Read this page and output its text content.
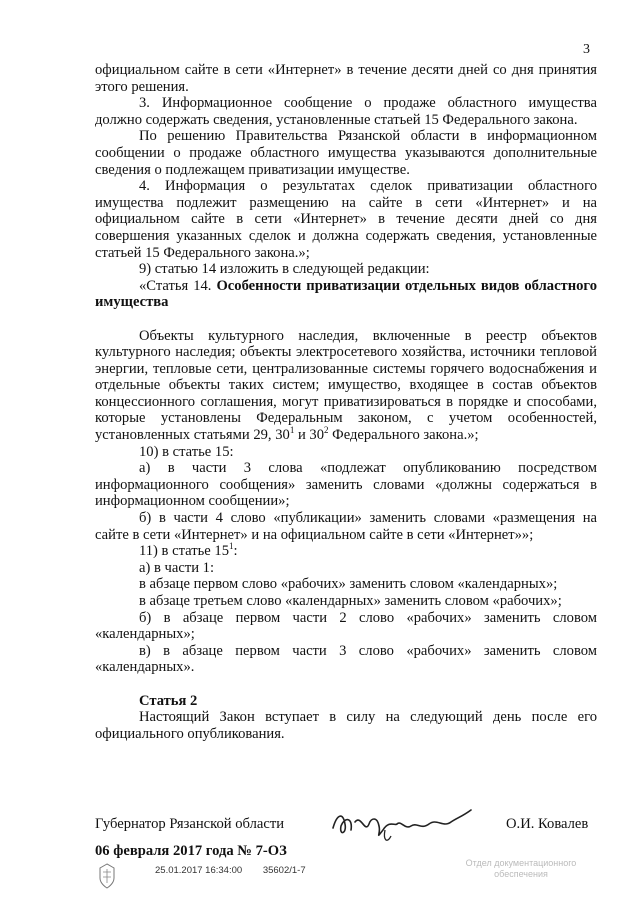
3

официальном сайте в сети «Интернет» в течение десяти дней со дня принятия этого решения.

3. Информационное сообщение о продаже областного имущества должно содержать сведения, установленные статьей 15 Федерального закона.

По решению Правительства Рязанской области в информационном сообщении о продаже областного имущества указываются дополнительные сведения о подлежащем приватизации имуществе.

4. Информация о результатах сделок приватизации областного имущества подлежит размещению на сайте в сети «Интернет» и на официальном сайте в сети «Интернет» в течение десяти дней со дня совершения указанных сделок и должна содержать сведения, установленные статьей 15 Федерального закона.»;

9) статью 14 изложить в следующей редакции:

«Статья 14. Особенности приватизации отдельных видов областного имущества

Объекты культурного наследия, включенные в реестр объектов культурного наследия; объекты электросетевого хозяйства, источники тепловой энергии, тепловые сети, централизованные системы горячего водоснабжения и отдельные объекты таких систем; имущество, входящее в состав объектов концессионного соглашения, могут приватизироваться в порядке и способами, которые установлены Федеральным законом, с учетом особенностей, установленных статьями 29, $30^1$ и $30^2$ Федерального закона.»;

10) в статье 15:

а) в части 3 слова «подлежат опубликованию посредством информационного сообщения» заменить словами «должны содержаться в информационном сообщении»;

б) в части 4 слово «публикации» заменить словами «размещения на сайте в сети «Интернет» и на официальном сайте в сети «Интернет»»;

11) в статье $15^1$:

а) в части 1:

в абзаце первом слово «рабочих» заменить словом «календарных»;

в абзаце третьем слово «календарных» заменить словом «рабочих»;

б) в абзаце первом части 2 слово «рабочих» заменить словом «календарных»;

в) в абзаце первом части 3 слово «рабочих» заменить словом «календарных».

Статья 2

Настоящий Закон вступает в силу на следующий день после его официального опубликования.

Губернатор Рязанской области	О.И. Ковалев
06 февраля 2017 года № 7-ОЗ
25.01.2017 16:34:00 35602/1-7
Отдел документационного обеспечения
